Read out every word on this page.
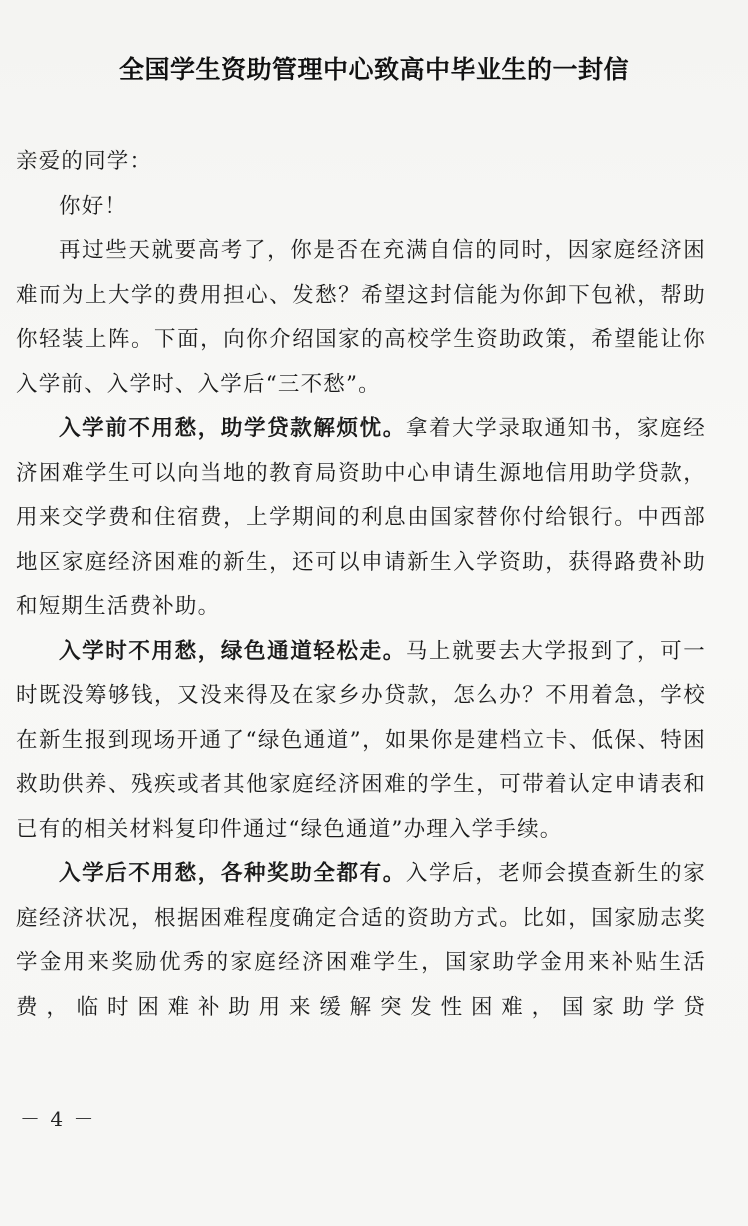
全国学生资助管理中心致高中毕业生的一封信

亲爱的同学：

你好！

再过些天就要高考了，你是否在充满自信的同时，因家庭经济困难而为上大学的费用担心、发愁？希望这封信能为你卸下包袱，帮助你轻装上阵。下面，向你介绍国家的高校学生资助政策，希望能让你入学前、入学时、入学后“三不愁”。

入学前不用愁，助学贷款解烦忧。拿着大学录取通知书，家庭经济困难学生可以向当地的教育局资助中心申请生源地信用助学贷款，用来交学费和住宿费，上学期间的利息由国家替你付给银行。中西部地区家庭经济困难的新生，还可以申请新生入学资助，获得路费补助和短期生活费补助。

入学时不用愁，绿色通道轻松走。马上就要去大学报到了，可一时既没筹够钱，又没来得及在家乡办贷款，怎么办？不用着急，学校在新生报到现场开通了“绿色通道”，如果你是建档立卡、低保、特困救助供养、残疾或者其他家庭经济困难的学生，可带着认定申请表和已有的相关材料复印件通过“绿色通道”办理入学手续。

入学后不用愁，各种奖助全都有。入学后，老师会摸查新生的家庭经济状况，根据困难程度确定合适的资助方式。比如，国家励志奖学金用来奖励优秀的家庭经济困难学生，国家助学金用来补贴生活费，临时困难补助用来缓解突发性困难，国家助学贷

－ 4 －
